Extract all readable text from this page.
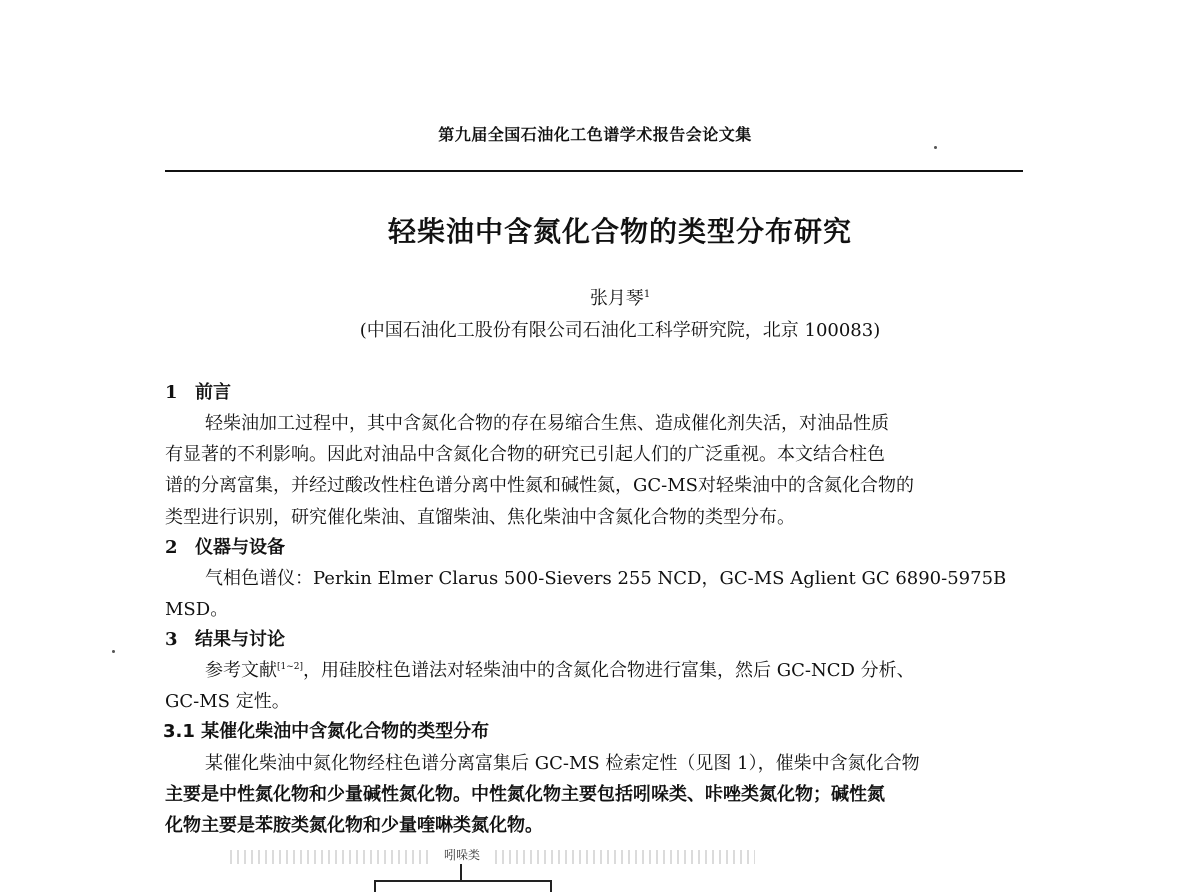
第九届全国石油化工色谱学术报告会论文集
轻柴油中含氮化合物的类型分布研究
张月琴$^1$
(中国石油化工股份有限公司石油化工科学研究院，北京 100083)
1 前言
轻柴油加工过程中，其中含氮化合物的存在易缩合生焦、造成催化剂失活，对油品性质
有显著的不利影响。因此对油品中含氮化合物的研究已引起人们的广泛重视。本文结合柱色
谱的分离富集，并经过酸改性柱色谱分离中性氮和碱性氮，GC-MS对轻柴油中的含氮化合物的
类型进行识别，研究催化柴油、直馏柴油、焦化柴油中含氮化合物的类型分布。
2 仪器与设备
气相色谱仪：Perkin Elmer Clarus 500-Sievers 255 NCD，GC-MS Aglient GC 6890-5975B
MSD。
3 结果与讨论
参考文献[1~2]，用硅胶柱色谱法对轻柴油中的含氮化合物进行富集，然后 GC-NCD 分析、
GC-MS 定性。
3.1 某催化柴油中含氮化合物的类型分布
某催化柴油中氮化物经柱色谱分离富集后 GC-MS 检索定性（见图 1），催柴中含氮化合物
主要是中性氮化物和少量碱性氮化物。中性氮化物主要包括吲哚类、咔唑类氮化物；碱性氮
化物主要是苯胺类氮化物和少量喹啉类氮化物。
吲哚类
